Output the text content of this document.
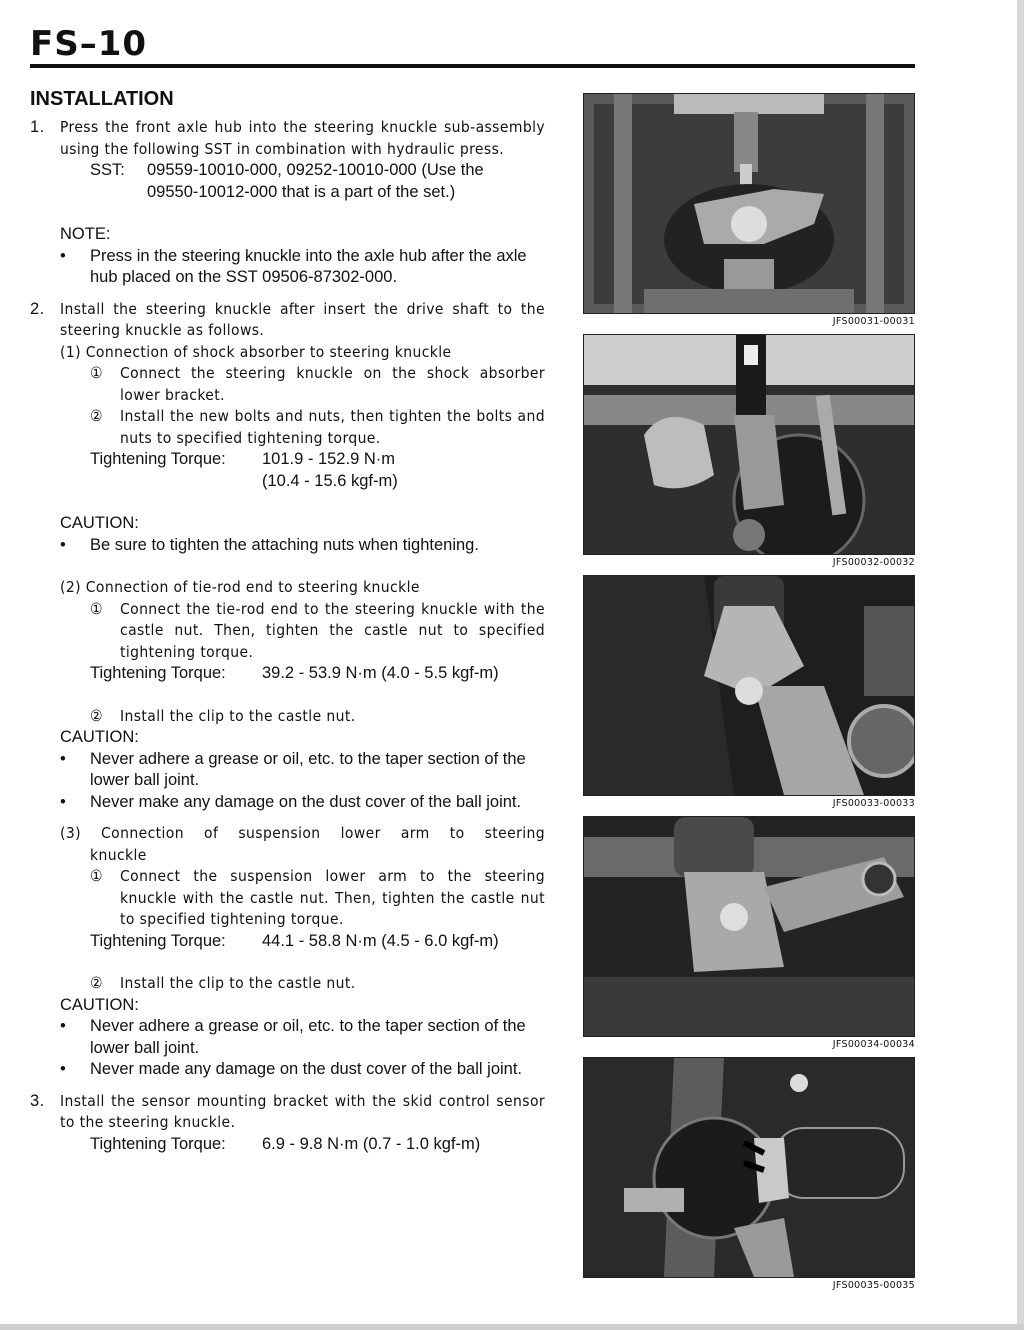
FS–10
INSTALLATION
1. Press the front axle hub into the steering knuckle sub-assembly using the following SST in combination with hydraulic press.
SST:	09559-10010-000, 09252-10010-000 (Use the
09550-10012-000 that is a part of the set.)
NOTE:
•	Press in the steering knuckle into the axle hub after the axle hub placed on the SST 09506-87302-000.
2. Install the steering knuckle after insert the drive shaft to the steering knuckle as follows.
(1) Connection of shock absorber to steering knuckle
①	Connect the steering knuckle on the shock absorber lower bracket.
②	Install the new bolts and nuts, then tighten the bolts and nuts to specified tightening torque.
Tightening Torque:	101.9 - 152.9 N·m
(10.4 - 15.6 kgf-m)
CAUTION:
•	Be sure to tighten the attaching nuts when tightening.
(2) Connection of tie-rod end to steering knuckle
①	Connect the tie-rod end to the steering knuckle with the castle nut. Then, tighten the castle nut to specified tightening torque.
Tightening Torque:	39.2 - 53.9 N·m (4.0 - 5.5 kgf-m)
②	Install the clip to the castle nut.
CAUTION:
•	Never adhere a grease or oil, etc. to the taper section of the lower ball joint.
•	Never make any damage on the dust cover of the ball joint.
(3) Connection of suspension lower arm to steering
knuckle
①	Connect the suspension lower arm to the steering knuckle with the castle nut. Then, tighten the castle nut to specified tightening torque.
Tightening Torque:	44.1 - 58.8 N·m (4.5 - 6.0 kgf-m)
②	Install the clip to the castle nut.
CAUTION:
•	Never adhere a grease or oil, etc. to the taper section of the lower ball joint.
•	Never made any damage on the dust cover of the ball joint.
3. Install the sensor mounting bracket with the skid control sensor to the steering knuckle.
Tightening Torque:	6.9 - 9.8 N·m (0.7 - 1.0 kgf-m)
JFS00031-00031
JFS00032-00032
JFS00033-00033
JFS00034-00034
JFS00035-00035
